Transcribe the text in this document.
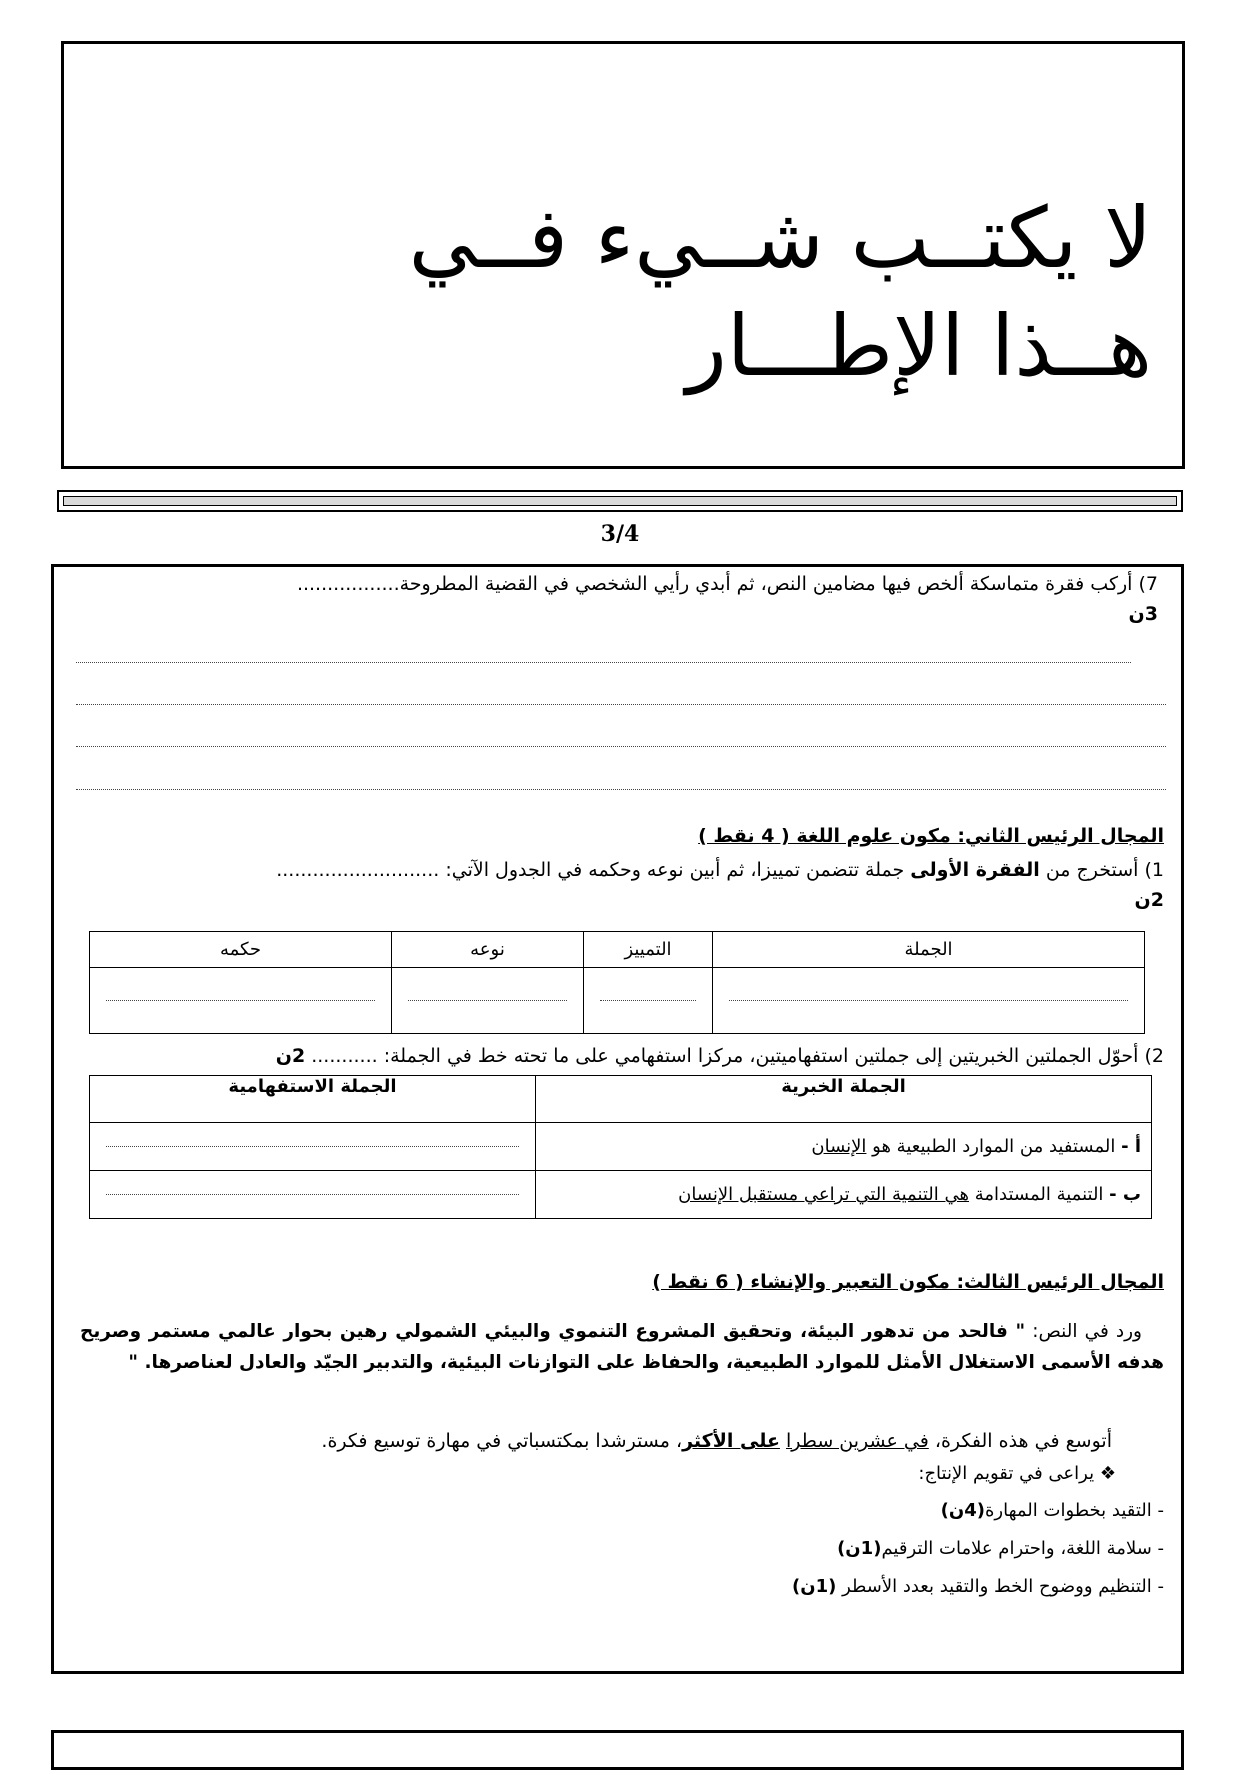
لا يكتــب شــيء فــي هــذا الإطـــار
3/4
7) أركب فقرة متماسكة ألخص فيها مضامين النص، ثم أبدي رأيي الشخصي في القضية المطروحة.................
3ن
المجال الرئيس الثاني: مكون علوم اللغة ( 4 نقط )
1) أستخرج من الفقرة الأولى جملة تتضمن تمييزا، ثم أبين نوعه وحكمه في الجدول الآتي: ...........................
2ن
الجملة	التمييز	نوعه	حكمه

2) أحوّل الجملتين الخبريتين إلى جملتين استفهاميتين، مركزا استفهامي على ما تحته خط في الجملة: ........... 2ن
الجملة الخبرية	الجملة الاستفهامية
أ - المستفيد من الموارد الطبيعية هو الإنسان	

ب - التنمية المستدامة هي التنمية التي تراعي مستقبل الإنسان	
المجال الرئيس الثالث: مكون التعبير والإنشاء ( 6 نقط )
ورد في النص: " فالحد من تدهور البيئة، وتحقيق المشروع التنموي والبيئي الشمولي رهين بحوار عالمي مستمر وصريح هدفه الأسمى الاستغلال الأمثل للموارد الطبيعية، والحفاظ على التوازنات البيئية، والتدبير الجيّد والعادل لعناصرها. "
أتوسع في هذه الفكرة، في عشرين سطرا على الأكثر، مسترشدا بمكتسباتي في مهارة توسيع فكرة.
❖ يراعى في تقويم الإنتاج:
- التقيد بخطوات المهارة(4ن)
- سلامة اللغة، واحترام علامات الترقيم(1ن)
- التنظيم ووضوح الخط والتقيد بعدد الأسطر (1ن)
